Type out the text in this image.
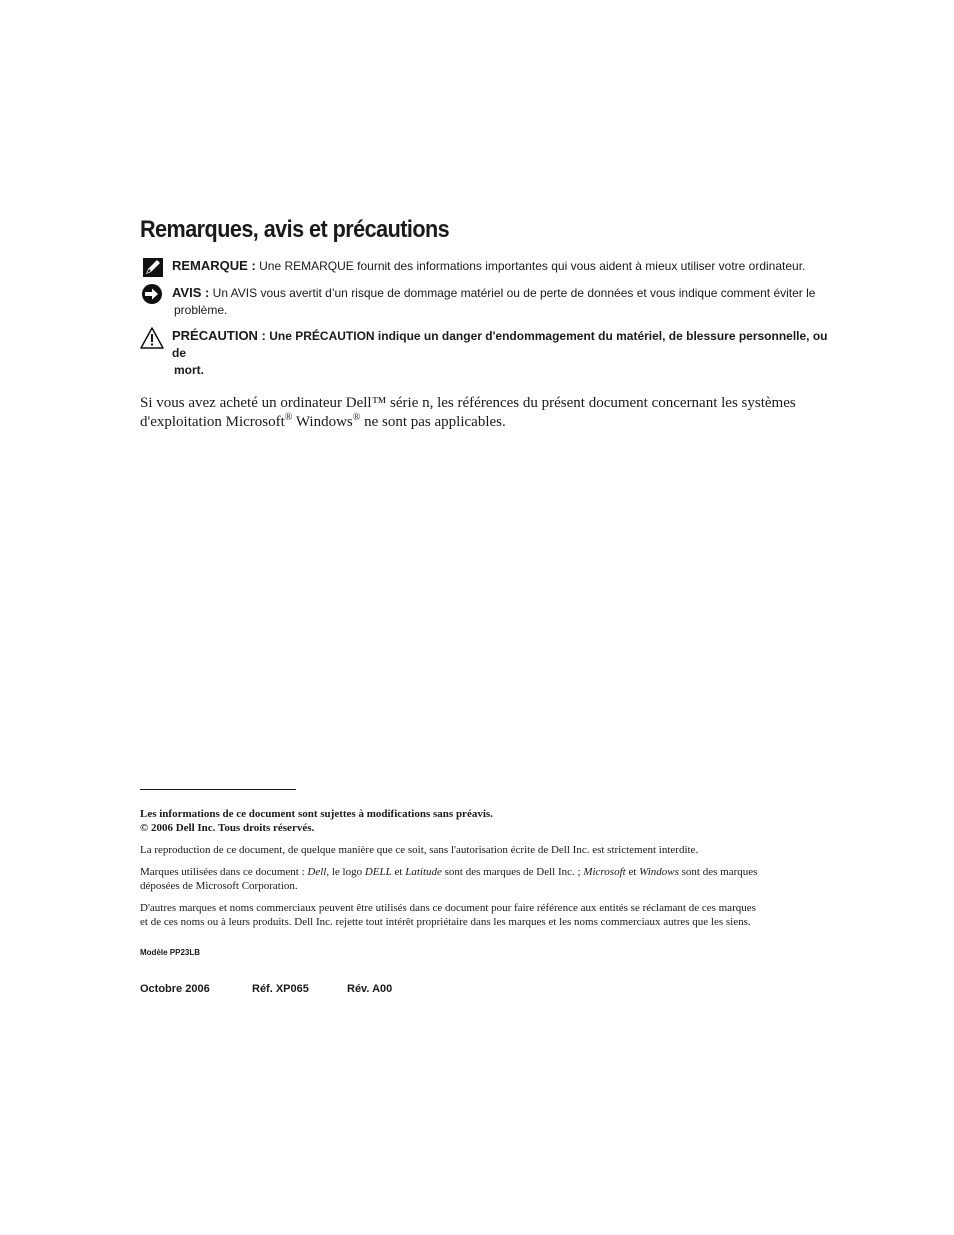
Remarques, avis et précautions
REMARQUE : Une REMARQUE fournit des informations importantes qui vous aident à mieux utiliser votre ordinateur.
AVIS : Un AVIS vous avertit d’un risque de dommage matériel ou de perte de données et vous indique comment éviter le
problème.
PRÉCAUTION : Une PRÉCAUTION indique un danger d'endommagement du matériel, de blessure personnelle, ou de
mort.

Si vous avez acheté un ordinateur Dell™ série n, les références du présent document concernant les systèmes
d'exploitation Microsoft® Windows® ne sont pas applicables.

Les informations de ce document sont sujettes à modifications sans préavis.
© 2006 Dell Inc. Tous droits réservés.

La reproduction de ce document, de quelque manière que ce soit, sans l'autorisation écrite de Dell Inc. est strictement interdite.

Marques utilisées dans ce document : Dell, le logo DELL et Latitude sont des marques de Dell Inc. ; Microsoft et Windows sont des marques
déposées de Microsoft Corporation.

D'autres marques et noms commerciaux peuvent être utilisés dans ce document pour faire référence aux entités se réclamant de ces marques
et de ces noms ou à leurs produits. Dell Inc. rejette tout intérêt propriétaire dans les marques et les noms commerciaux autres que les siens.

Modèle PP23LB
Octobre 2006	Réf. XP065	Rév. A00
